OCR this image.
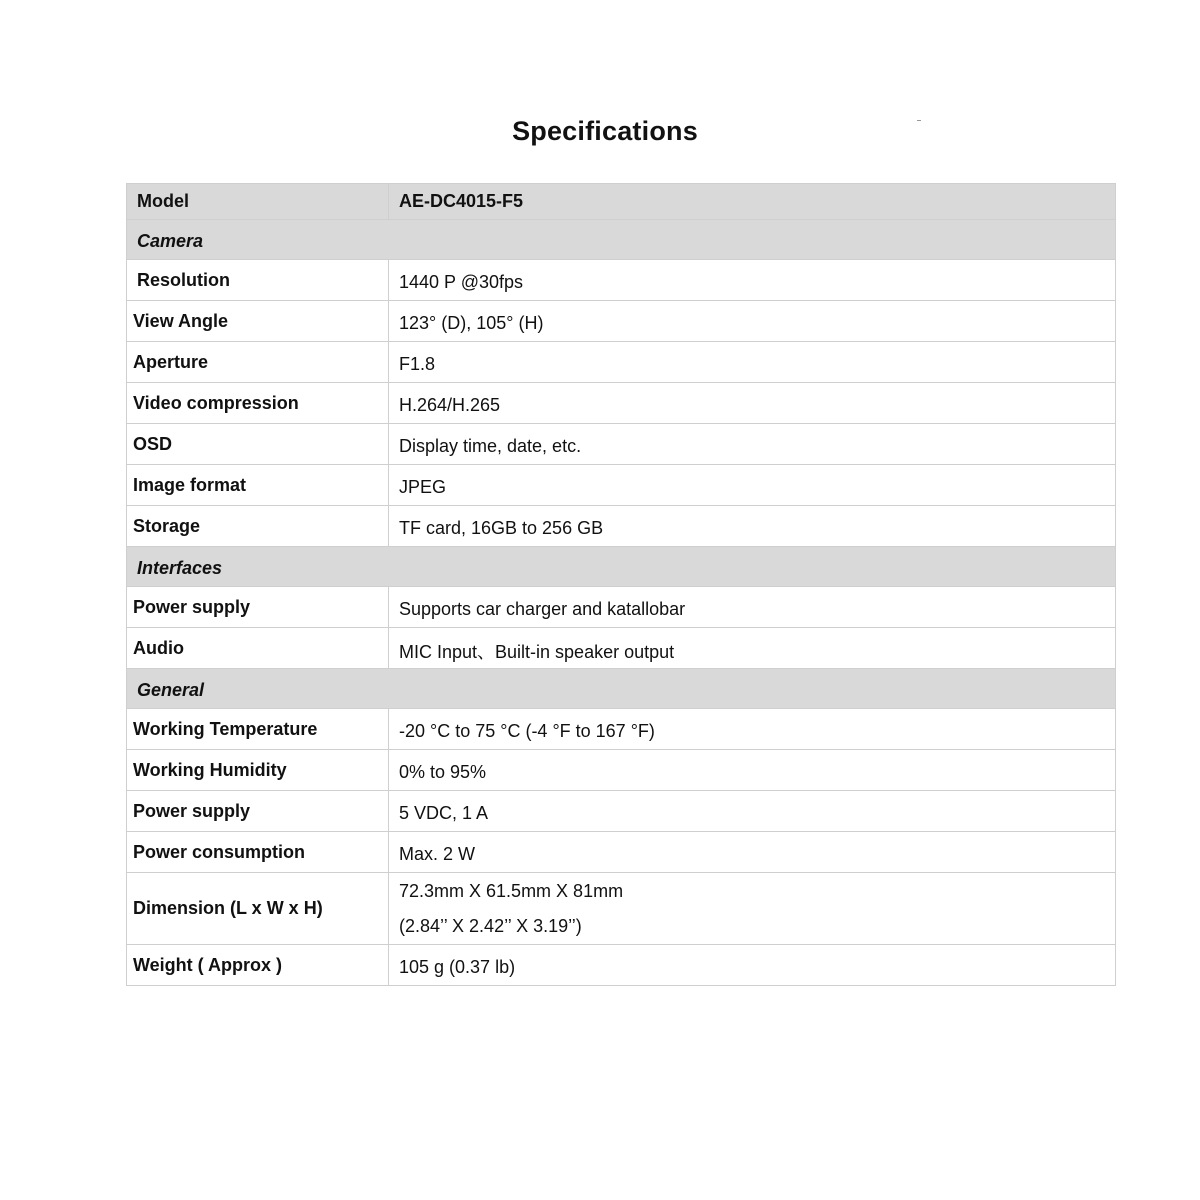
Specifications
Model	AE-DC4015-F5
Camera	
Resolution	1440 P @30fps
View Angle	123° (D), 105° (H)
Aperture	F1.8
Video compression	H.264/H.265
OSD	Display time, date, etc.
Image format	JPEG
Storage	TF card, 16GB to 256 GB
Interfaces	
Power supply	Supports car charger and katallobar
Audio	MIC Input、Built-in speaker output
General	
Working Temperature	-20 °C to 75 °C (-4 °F to 167 °F)
Working Humidity	0% to 95%
Power supply	5 VDC, 1 A
Power consumption	Max. 2 W
Dimension (L x W x H)	72.3mm X 61.5mm X 81mm
(2.84’’ X 2.42’’ X 3.19’’)

Weight ( Approx )	105 g (0.37 lb)
